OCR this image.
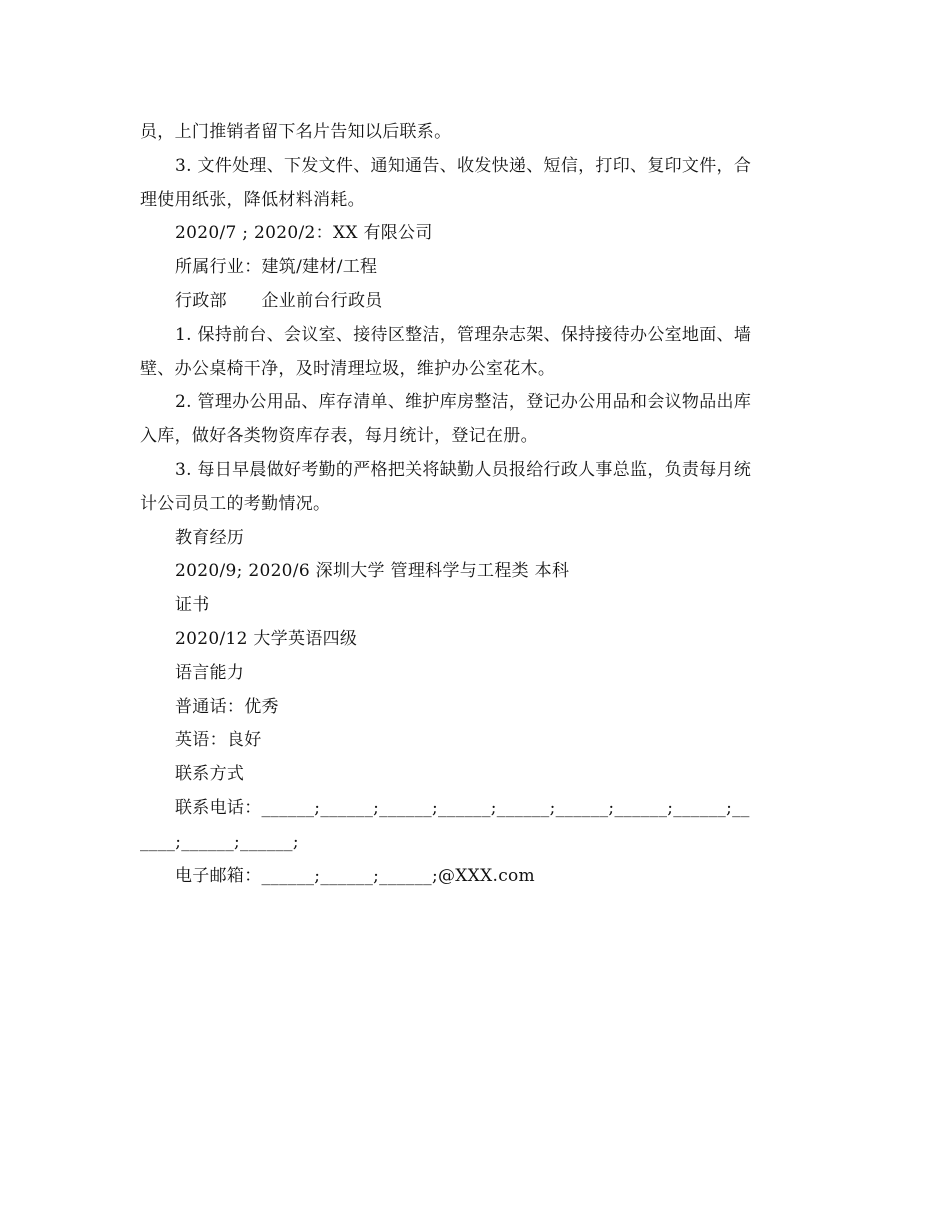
员，上门推销者留下名片告知以后联系。

3. 文件处理、下发文件、通知通告、收发快递、短信，打印、复印文件，合

理使用纸张，降低材料消耗。

2020/7 ; 2020/2：XX 有限公司

所属行业：建筑/建材/工程

行政部　　企业前台行政员

1. 保持前台、会议室、接待区整洁，管理杂志架、保持接待办公室地面、墙

壁、办公桌椅干净，及时清理垃圾，维护办公室花木。

2. 管理办公用品、库存清单、维护库房整洁，登记办公用品和会议物品出库

入库，做好各类物资库存表，每月统计，登记在册。

3. 每日早晨做好考勤的严格把关将缺勤人员报给行政人事总监，负责每月统

计公司员工的考勤情况。

教育经历

2020/9; 2020/6 深圳大学 管理科学与工程类 本科

证书

2020/12 大学英语四级

语言能力

普通话：优秀

英语：良好

联系方式

联系电话：______;______;______;______;______;______;______;______;__

____;______;______;

电子邮箱：______;______;______;@XXX.com
